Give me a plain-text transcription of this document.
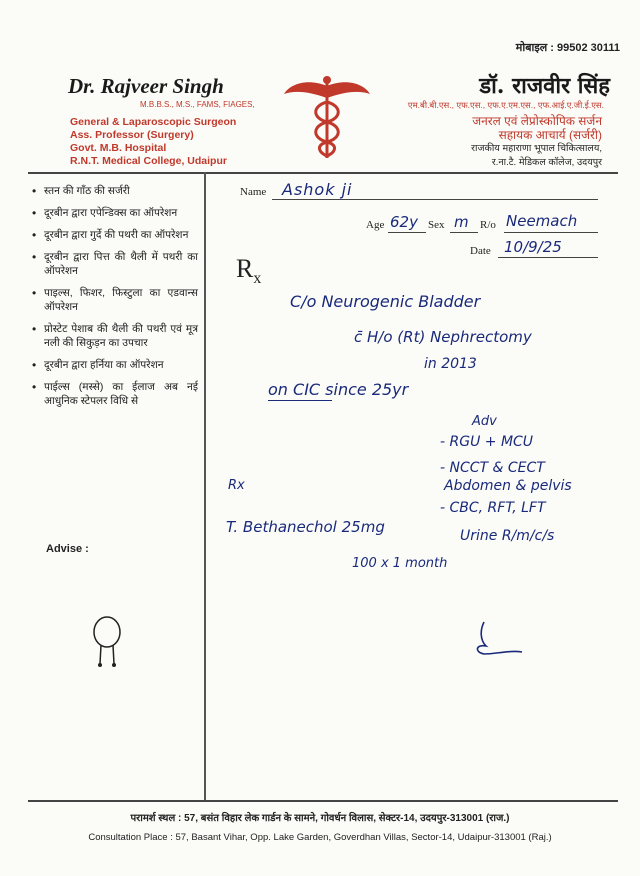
मोबाइल : 99502 30111
Dr. Rajveer Singh
M.B.B.S., M.S., FAMS, FIAGES,
General & Laparoscopic Surgeon
Ass. Professor (Surgery)
Govt. M.B. Hospital
R.N.T. Medical College, Udaipur
डॉ. राजवीर सिंह
एम.बी.बी.एस., एफ.एस., एफ.ए.एम.एस., एफ.आई.ए.जी.ई.एस.
जनरल एवं लेप्रोस्कोपिक सर्जन
सहायक आचार्य (सर्जरी)
राजकीय महाराणा भूपाल चिकित्सालय,
र.ना.टै. मेडिकल कॉलेज, उदयपुर
• स्तन की गाँठ की सर्जरी
• दूरबीन द्वारा एपेन्डिक्स का ऑपरेशन
• दूरबीन द्वारा गुर्दे की पथरी का ऑपरेशन
• दूरबीन द्वारा पित्त की थैली में पथरी का ऑपरेशन
• पाइल्स, फिशर, फिस्टुला का एडवान्स ऑपरेशन
• प्रोस्टेट पेशाब की थैली की पथरी एवं मूत्र नली की सिकुड़न का उपचार
• दूरबीन द्वारा हर्निया का ऑपरेशन
• पाईल्स (मस्से) का ईलाज अब नई आधुनिक स्टेपलर विधि से
Advise :
Name Ashok ji
Age 62y Sex m R/o Neemach
Date 10/9/25
$R_x$
C/o Neurogenic Bladder
c̄ H/o (Rt) Nephrectomy
in 2013
on CIC since 25yr
Adv
- RGU + MCU
- NCCT & CECT
Abdomen & pelvis
- CBC, RFT, LFT
Urine R/m/c/s
Rx
T. Bethanechol 25mg
100 x 1 month
परामर्श स्थल : 57, बसंत विहार लेक गार्डन के सामने, गोवर्धन विलास, सेक्टर-14, उदयपुर-313001 (राज.)
Consultation Place : 57, Basant Vihar, Opp. Lake Garden, Goverdhan Villas, Sector-14, Udaipur-313001 (Raj.)
